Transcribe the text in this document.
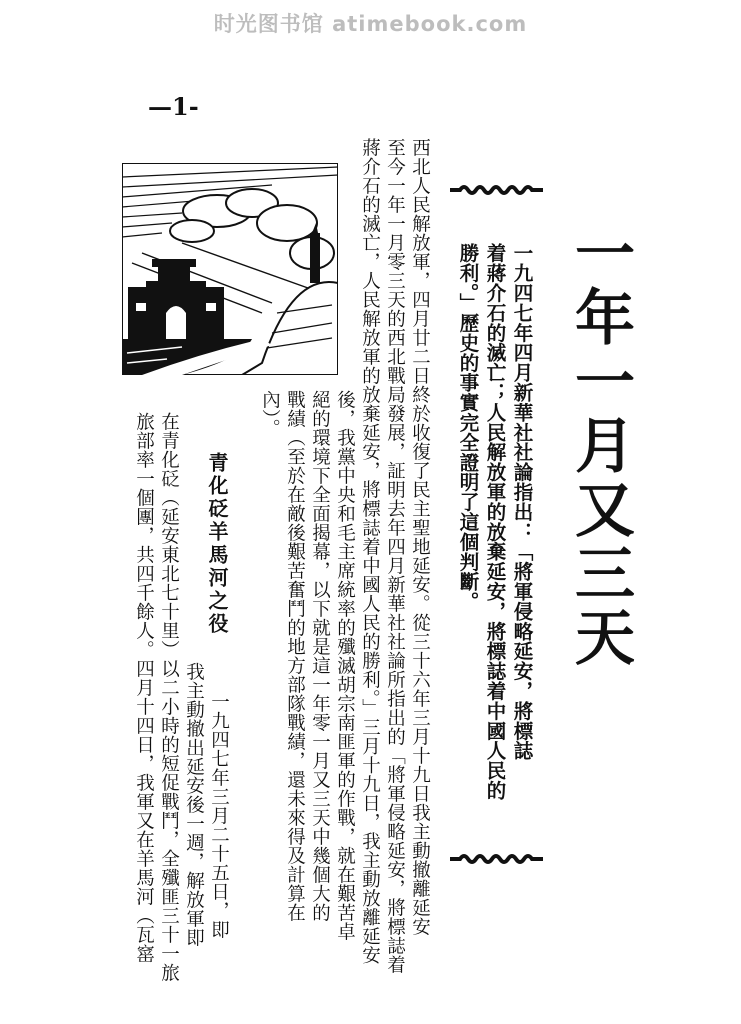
时光图书馆 atimebook.com
—1-
一年一月又三天
一九四七年四月新華社社論指出：「將軍侵略延安，將標誌
着蔣介石的滅亡；人民解放軍的放棄延安，將標誌着中國人民的
勝利。」歷史的事實完全證明了這個判斷。
西北人民解放軍，四月廿二日終於收復了民主聖地延安。從三十六年三月十九日我主動撤離延安
至今一年一月零三天的西北戰局發展，証明去年四月新華社社論所指出的「將軍侵略延安，將標誌着
蔣介石的滅亡，人民解放軍的放棄延安，將標誌着中國人民的勝利。」三月十九日，我主動放離延安
後，我黨中央和毛主席統率的殲滅胡宗南匪軍的作戰，就在艱苦卓
絕的環境下全面揭幕，以下就是這一年零一月又三天中幾個大的
戰績（至於在敵後艱苦奮鬥的地方部隊戰績，還未來得及計算在
內）。
青化砭羊馬河之役
一九四七年三月二十五日，即
我主動撤出延安後一週，解放軍即
在青化砭（延安東北七十里）以二小時的短促戰鬥，全殲匪三十一旅
旅部率一個團，共四千餘人。四月十四日，我軍又在羊馬河（瓦窰
